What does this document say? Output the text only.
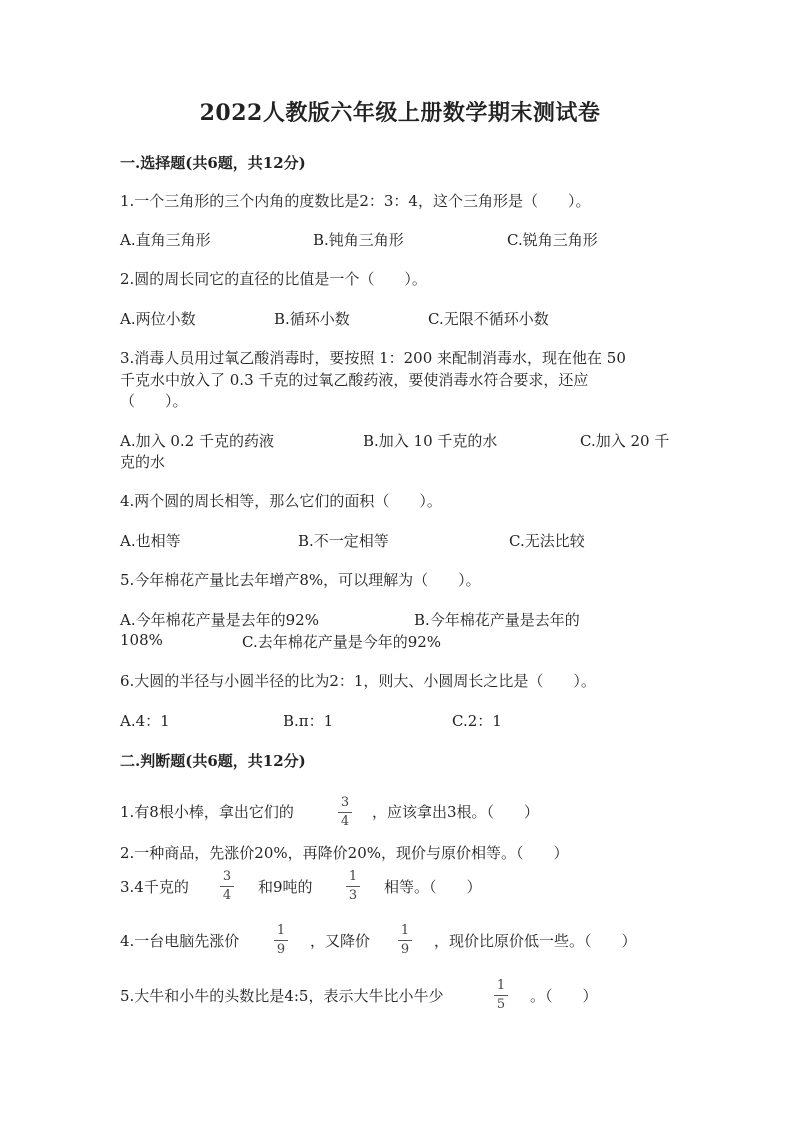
2022人教版六年级上册数学期末测试卷
一.选择题(共6题，共12分)
1.一个三角形的三个内角的度数比是2：3：4，这个三角形是（　　）。
A.直角三角形	B.钝角三角形	C.锐角三角形
2.圆的周长同它的直径的比值是一个（　　）。
A.两位小数	B.循环小数	C.无限不循环小数
3.消毒人员用过氧乙酸消毒时，要按照 1：200 来配制消毒水，现在他在 50
千克水中放入了 0.3 千克的过氧乙酸药液，要使消毒水符合要求，还应
（　　）。
A.加入 0.2 千克的药液	B.加入 10 千克的水	C.加入 20 千
克的水
4.两个圆的周长相等，那么它们的面积（　　）。
A.也相等	B.不一定相等	C.无法比较
5.今年棉花产量比去年增产8%，可以理解为（　　）。
A.今年棉花产量是去年的92%	B.今年棉花产量是去年的
108%	C.去年棉花产量是今年的92%
6.大圆的半径与小圆半径的比为2：1，则大、小圆周长之比是（　　）。
A.4：1	B.π：1	C.2：1
二.判断题(共6题，共12分)
1.有8根小棒，拿出它们的
3
4
，应该拿出3根。（　　）
2.一种商品，先涨价20%，再降价20%，现价与原价相等。（　　）
3.4千克的
3
4 和9吨的
1
3 相等。（　　）
4.一台电脑先涨价
1
9 ，又降价
1
9 ，现价比原价低一些。（　　）
5.大牛和小牛的头数比是4:5，表示大牛比小牛少
1
5 。（　　）
